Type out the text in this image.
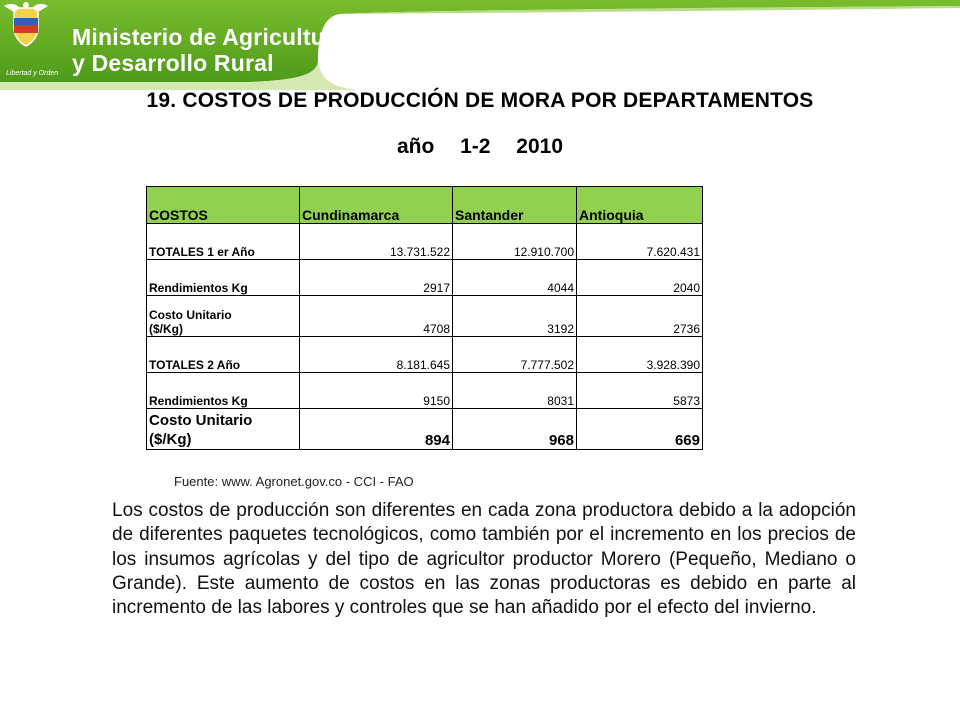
Libertad y Orden
Ministerio de Agricultura
y Desarrollo Rural
19. COSTOS DE PRODUCCIÓN DE MORA POR DEPARTAMENTOS
año 1-2 2010
COSTOS	Cundinamarca	Santander	Antioquia
TOTALES 1 er Año	13.731.522	12.910.700	7.620.431
Rendimientos Kg	2917	4044	2040
Costo Unitario
($/Kg)	4708	3192	2736
TOTALES 2 Año	8.181.645	7.777.502	3.928.390
Rendimientos Kg	9150	8031	5873
Costo Unitario
($/Kg)	894	968	669
Fuente: www. Agronet.gov.co - CCI - FAO
Los costos de producción son diferentes en cada zona productora debido a la adopción de diferentes paquetes tecnológicos, como también por el incremento en los precios de los insumos agrícolas y del tipo de agricultor productor Morero (Pequeño, Mediano o Grande). Este aumento de costos en las zonas productoras es debido en parte al incremento de las labores y controles que se han añadido por el efecto del invierno.
